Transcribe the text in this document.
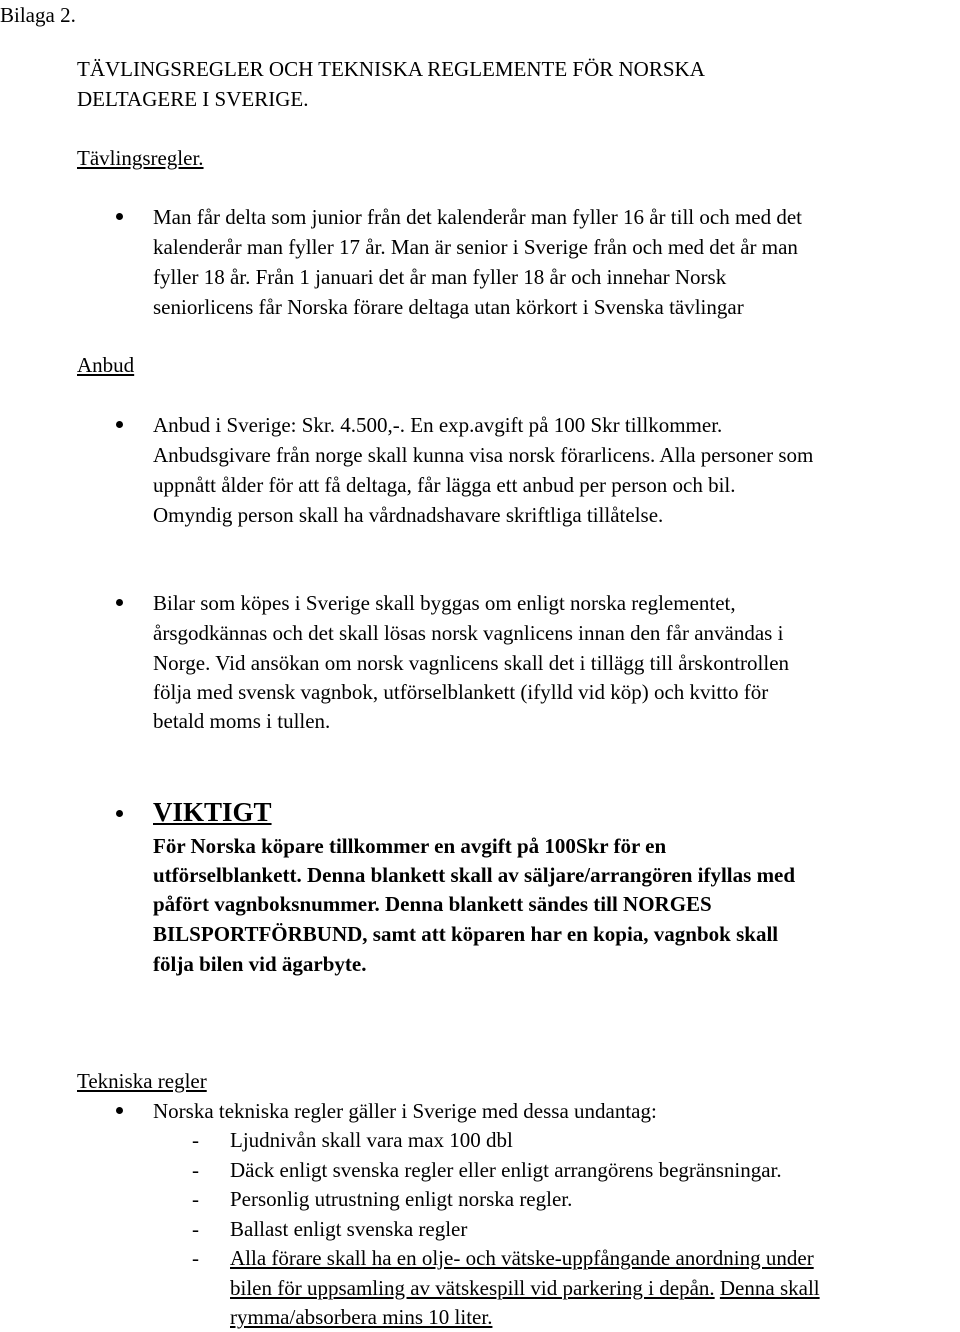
Bilaga 2.
TÄVLINGSREGLER OCH TEKNISKA REGLEMENTE FÖR NORSKA
DELTAGERE I SVERIGE.
Tävlingsregler.
Man får delta som junior från det kalenderår man fyller 16 år till och med det
kalenderår man fyller 17 år. Man är senior i Sverige från och med det år man
fyller 18 år. Från 1 januari det år man fyller 18 år och innehar Norsk
seniorlicens får Norska förare deltaga utan körkort i Svenska tävlingar
Anbud
Anbud i Sverige: Skr. 4.500,-. En exp.avgift på 100 Skr tillkommer.
Anbudsgivare från norge skall kunna visa norsk förarlicens. Alla personer som
uppnått ålder för att få deltaga, får lägga ett anbud per person och bil.
Omyndig person skall ha vårdnadshavare skriftliga tillåtelse.
Bilar som köpes i Sverige skall byggas om enligt norska reglementet,
årsgodkännas och det skall lösas norsk vagnlicens innan den får användas i
Norge. Vid ansökan om norsk vagnlicens skall det i tillägg till årskontrollen
följa med svensk vagnbok, utförselblankett (ifylld vid köp) och kvitto för
betald moms i tullen.
VIKTIGT
För Norska köpare tillkommer en avgift på 100Skr för en
utförselblankett. Denna blankett skall av säljare/arrangören ifyllas med
påfört vagnboksnummer. Denna blankett sändes till NORGES
BILSPORTFÖRBUND, samt att köparen har en kopia, vagnbok skall
följa bilen vid ägarbyte.
Tekniska regler
Norska tekniska regler gäller i Sverige med dessa undantag:
- Ljudnivån skall vara max 100 dbl
- Däck enligt svenska regler eller enligt arrangörens begränsningar.
- Personlig utrustning enligt norska regler.
- Ballast enligt svenska regler
- Alla förare skall ha en olje- och vätske-uppfångande anordning under
bilen för uppsamling av vätskespill vid parkering i depån. Denna skall
rymma/absorbera mins 10 liter.
